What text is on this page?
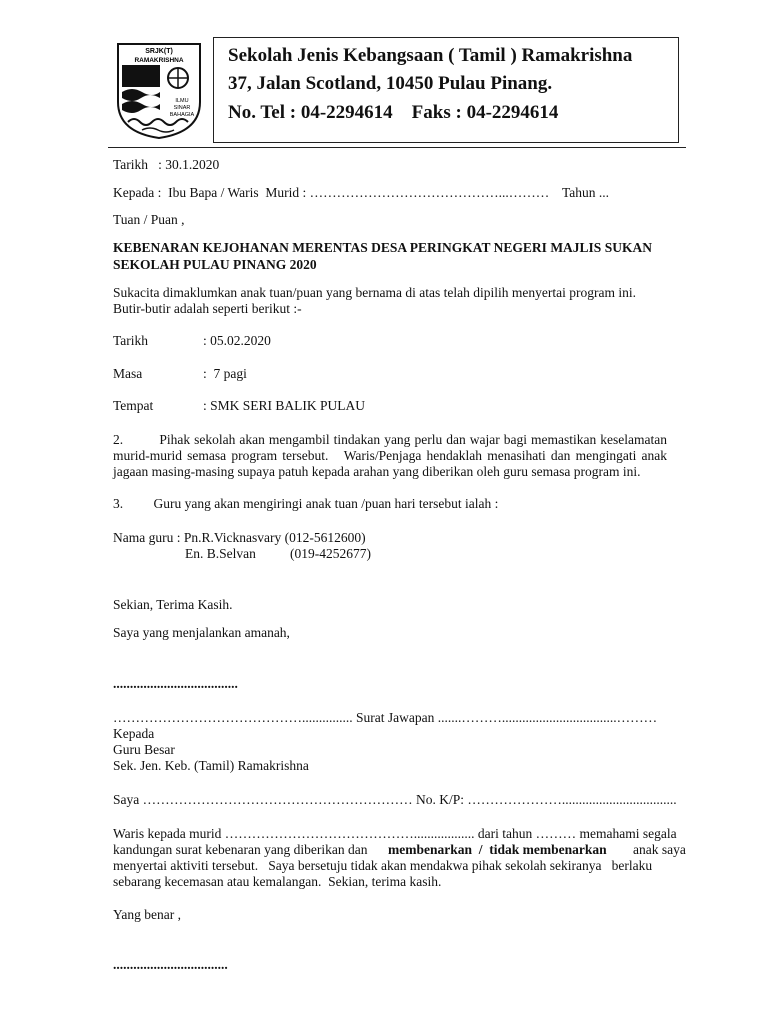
SRJK(T)
RAMAKRISHNA
ILMU
SINAR
BAHAGIA
Sekolah Jenis Kebangsaan ( Tamil ) Ramakrishna
37, Jalan Scotland, 10450 Pulau Pinang.
No. Tel : 04-2294614    Faks : 04-2294614
Tarikh   : 30.1.2020
Kepada :  Ibu Bapa / Waris  Murid : ……………………………………...……… Tahun ...
Tuan / Puan ,
KEBENARAN KEJOHANAN MERENTAS DESA PERINGKAT NEGERI MAJLIS SUKAN
SEKOLAH PULAU PINANG 2020
Sukacita dimaklumkan anak tuan/puan yang bernama di atas telah dipilih menyertai program ini.
Butir-butir adalah seperti berikut :-
Tarikh	: 05.02.2020
Masa	:  7 pagi
Tempat	: SMK SERI BALIK PULAU
2.         Pihak sekolah akan mengambil tindakan yang perlu dan wajar bagi memastikan keselamatan murid-murid semasa program tersebut.   Waris/Penjaga hendaklah menasihati dan mengingati anak jagaan masing-masing supaya patuh kepada arahan yang diberikan oleh guru semasa program ini.
3.         Guru yang akan mengiringi anak tuan /puan hari tersebut ialah :
Nama guru : Pn.R.Vicknasvary (012-5612600)
En. B.Selvan	(019-4252677)
Sekian, Terima Kasih.
Saya yang menjalankan amanah,
.....................................
……………………………………............... Surat Jawapan .......………..................................………
Kepada
Guru Besar
Sek. Jen. Keb. (Tamil) Ramakrishna
Saya …………………………………………………… No. K/P: …………………..................................
Waris kepada murid …………………………………….................. dari tahun ……… memahami segala
kandungan surat kebenaran yang diberikan dan membenarkan  /  tidak membenarkan anak saya
menyertai aktiviti tersebut.   Saya bersetuju tidak akan mendakwa pihak sekolah sekiranya   berlaku
sebarang kecemasan atau kemalangan.  Sekian, terima kasih.
Yang benar ,
..................................
